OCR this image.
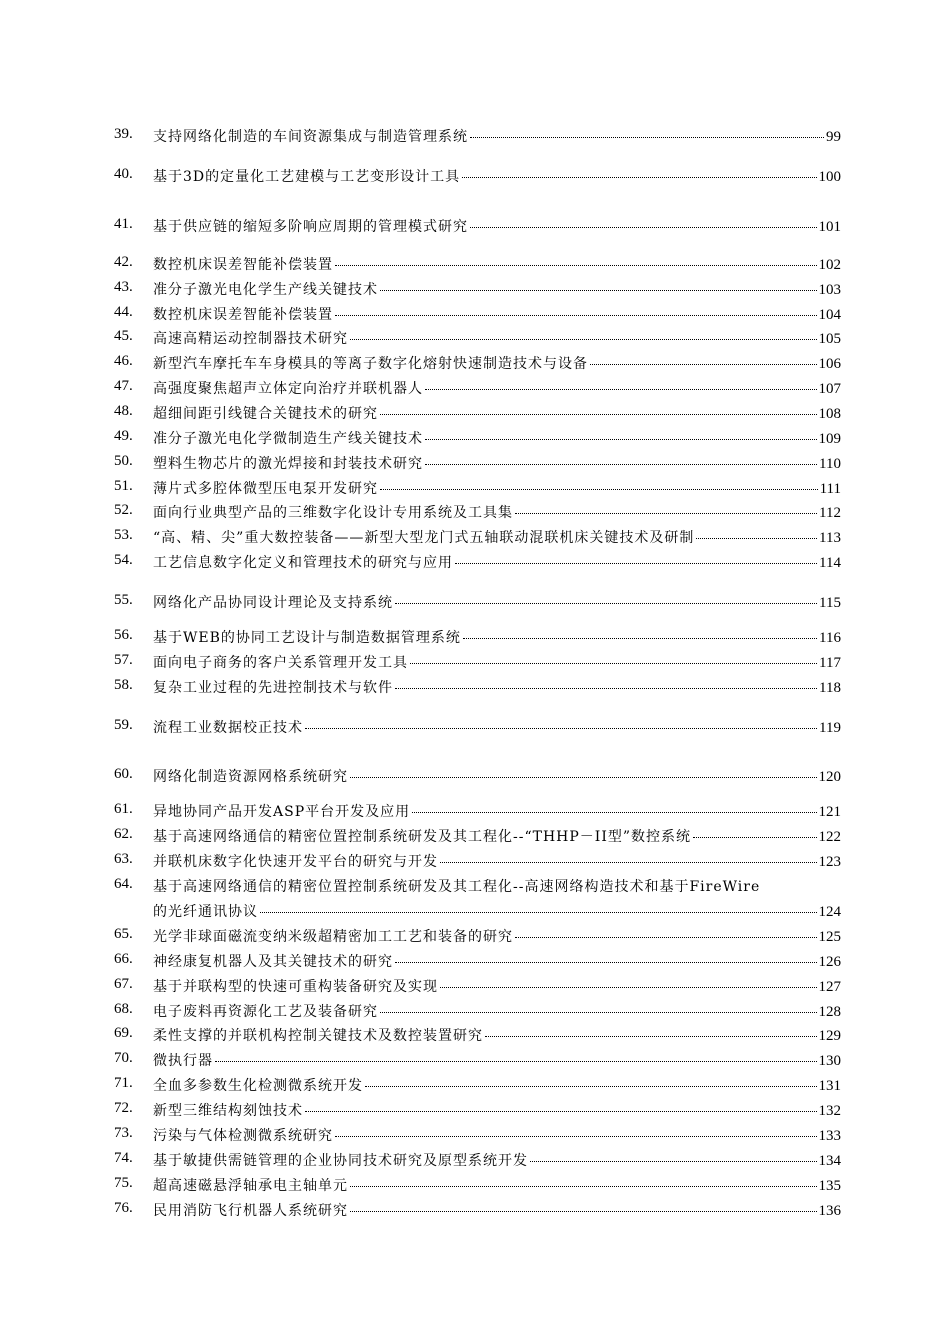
39.	支持网络化制造的车间资源集成与制造管理系统	99
40.	基于3D的定量化工艺建模与工艺变形设计工具	100
41.	基于供应链的缩短多阶响应周期的管理模式研究	101
42.	数控机床误差智能补偿装置	102
43.	准分子激光电化学生产线关键技术	103
44.	数控机床误差智能补偿装置	104
45.	高速高精运动控制器技术研究	105
46.	新型汽车摩托车车身模具的等离子数字化熔射快速制造技术与设备	106
47.	高强度聚焦超声立体定向治疗并联机器人	107
48.	超细间距引线键合关键技术的研究	108
49.	准分子激光电化学微制造生产线关键技术	109
50.	塑料生物芯片的激光焊接和封装技术研究	110
51.	薄片式多腔体微型压电泵开发研究	111
52.	面向行业典型产品的三维数字化设计专用系统及工具集	112
53.	“高、精、尖”重大数控装备——新型大型龙门式五轴联动混联机床关键技术及研制	113
54.	工艺信息数字化定义和管理技术的研究与应用	114
55.	网络化产品协同设计理论及支持系统	115
56.	基于WEB的协同工艺设计与制造数据管理系统	116
57.	面向电子商务的客户关系管理开发工具	117
58.	复杂工业过程的先进控制技术与软件	118
59.	流程工业数据校正技术	119
60.	网络化制造资源网格系统研究	120
61.	异地协同产品开发ASP平台开发及应用	121
62.	基于高速网络通信的精密位置控制系统研发及其工程化--“THHP－II型”数控系统	122
63.	并联机床数字化快速开发平台的研究与开发	123
64.	基于高速网络通信的精密位置控制系统研发及其工程化--高速网络构造技术和基于FireWire
的光纤通讯协议	124
65.	光学非球面磁流变纳米级超精密加工工艺和装备的研究	125
66.	神经康复机器人及其关键技术的研究	126
67.	基于并联构型的快速可重构装备研究及实现	127
68.	电子废料再资源化工艺及装备研究	128
69.	柔性支撑的并联机构控制关键技术及数控装置研究	129
70.	微执行器	130
71.	全血多参数生化检测微系统开发	131
72.	新型三维结构刻蚀技术	132
73.	污染与气体检测微系统研究	133
74.	基于敏捷供需链管理的企业协同技术研究及原型系统开发	134
75.	超高速磁悬浮轴承电主轴单元	135
76.	民用消防飞行机器人系统研究	136
